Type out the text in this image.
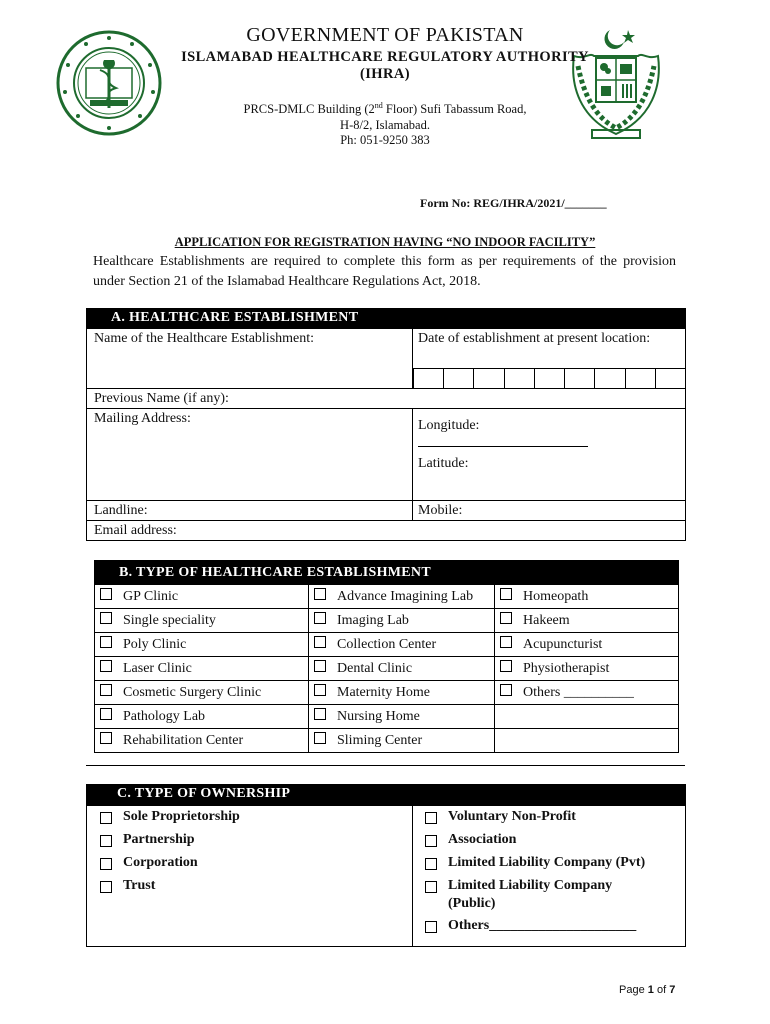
GOVERNMENT OF PAKISTAN
ISLAMABAD HEALTHCARE REGULATORY AUTHORITY (IHRA)
PRCS-DMLC Building (2nd Floor) Sufi Tabassum Road,
H-8/2, Islamabad.
Ph: 051-9250 383
Form No: REG/IHRA/2021/_______
APPLICATION FOR REGISTRATION HAVING “NO INDOOR FACILITY”
Healthcare Establishments are required to complete this form as per requirements of the provision under Section 21 of the Islamabad Healthcare Regulations Act, 2018.
A. HEALTHCARE ESTABLISHMENT	
Name of the Healthcare Establishment:	Date of establishment at present location:

Previous Name (if any):	
Mailing Address:	Longitude:
Latitude:
Landline:	Mobile:
Email address:	
B. TYPE OF HEALTHCARE ESTABLISHMENT		
GP Clinic	Advance Imagining Lab	Homeopath
Single speciality	Imaging Lab	Hakeem
Poly Clinic	Collection Center	Acupuncturist
Laser Clinic	Dental Clinic	Physiotherapist
Cosmetic Surgery Clinic	Maternity Home	Others __________
Pathology Lab	Nursing Home	
Rehabilitation Center	Sliming Center	
C. TYPE OF OWNERSHIP

Sole Proprietorship
Partnership
Corporation
Trust

Voluntary Non-Profit
Association
Limited Liability Company (Pvt)
Limited Liability Company (Public)
Others_____________________
Page 1 of 7
